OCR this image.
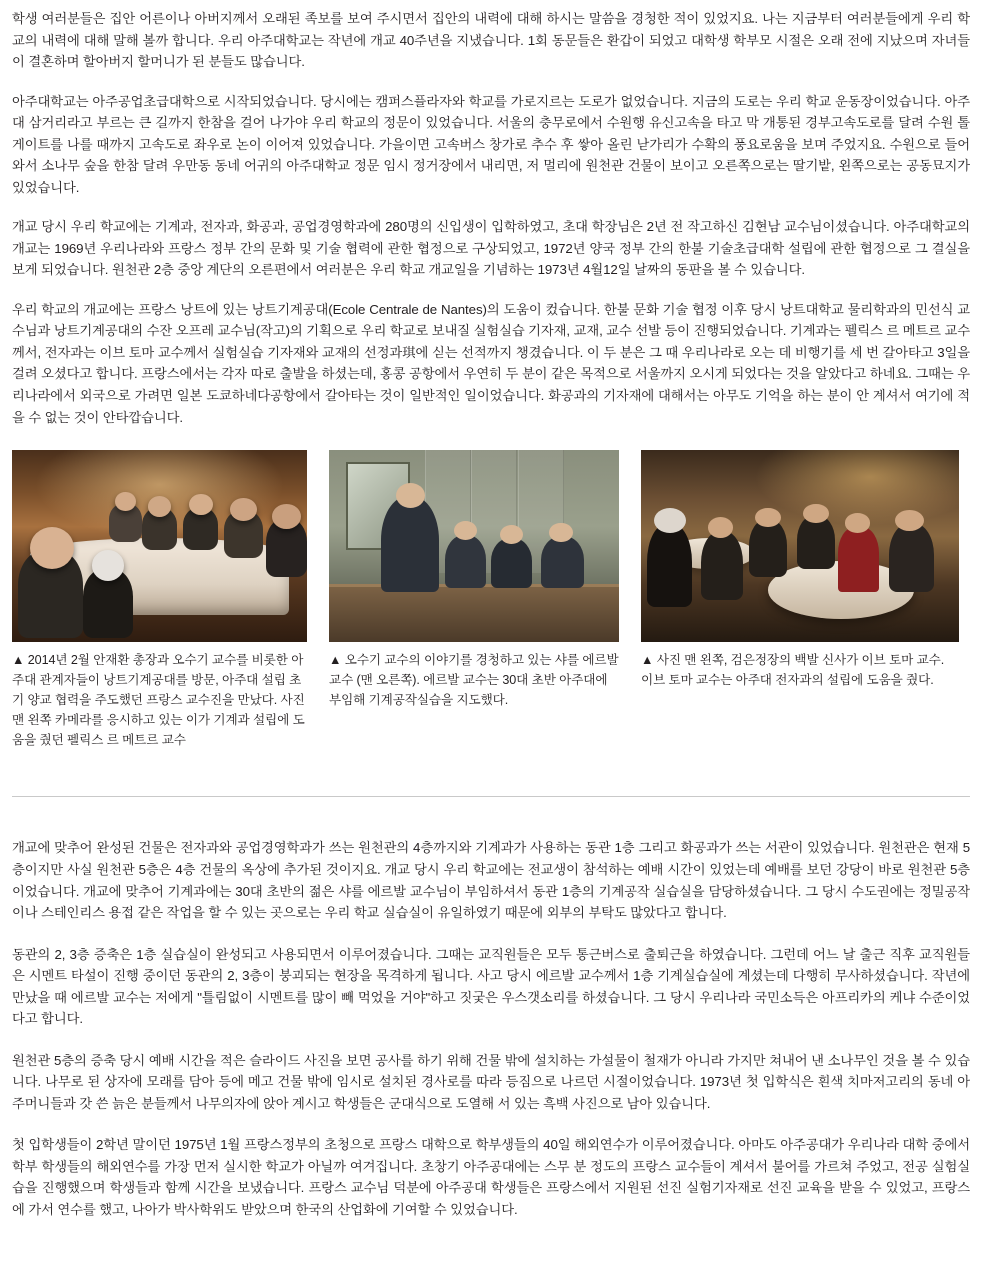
학생 여러분들은 집안 어른이나 아버지께서 오래된 족보를 보여 주시면서 집안의 내력에 대해 하시는 말씀을 경청한 적이 있었지요. 나는 지금부터 여러분들에게 우리 학교의 내력에 대해 말해 볼까 합니다. 우리 아주대학교는 작년에 개교 40주년을 지냈습니다. 1회 동문들은 환갑이 되었고 대학생 학부모 시절은 오래 전에 지났으며 자녀들이 결혼하며 할아버지 할머니가 된 분들도 많습니다.

아주대학교는 아주공업초급대학으로 시작되었습니다. 당시에는 캠퍼스플라자와 학교를 가로지르는 도로가 없었습니다. 지금의 도로는 우리 학교 운동장이었습니다. 아주대 삼거리라고 부르는 큰 길까지 한참을 걸어 나가야 우리 학교의 정문이 있었습니다. 서울의 충무로에서 수원행 유신고속을 타고 막 개통된 경부고속도로를 달려 수원 톨게이트를 나를 때까지 고속도로 좌우로 논이 이어져 있었습니다. 가을이면 고속버스 창가로 추수 후 쌓아 올린 낟가리가 수확의 풍요로움을 보며 주었지요. 수원으로 들어와서 소나무 숲을 한참 달려 우만동 동네 어귀의 아주대학교 정문 임시 정거장에서 내리면, 저 멀리에 원천관 건물이 보이고 오른쪽으로는 딸기밭, 왼쪽으로는 공동묘지가 있었습니다.

개교 당시 우리 학교에는 기계과, 전자과, 화공과, 공업경영학과에 280명의 신입생이 입학하였고, 초대 학장님은 2년 전 작고하신 김현남 교수님이셨습니다. 아주대학교의 개교는 1969년 우리나라와 프랑스 정부 간의 문화 및 기술 협력에 관한 협정으로 구상되었고, 1972년 양국 정부 간의 한불 기술초급대학 설립에 관한 협정으로 그 결실을 보게 되었습니다. 원천관 2층 중앙 계단의 오른편에서 여러분은 우리 학교 개교일을 기념하는 1973년 4월12일 날짜의 동판을 볼 수 있습니다.

우리 학교의 개교에는 프랑스 낭트에 있는 낭트기계공대(Ecole Centrale de Nantes)의 도움이 컸습니다. 한불 문화 기술 협정 이후 당시 낭트대학교 물리학과의 민선식 교수님과 낭트기계공대의 수잔 오프레 교수님(작고)의 기획으로 우리 학교로 보내질 실험실습 기자재, 교재, 교수 선발 등이 진행되었습니다. 기계과는 펠릭스 르 메트르 교수께서, 전자과는 이브 토마 교수께서 실험실습 기자재와 교재의 선정과琪에 싣는 선적까지 챙겼습니다. 이 두 분은 그 때 우리나라로 오는 데 비행기를 세 번 갈아타고 3일을 걸려 오셨다고 합니다. 프랑스에서는 각자 따로 출발을 하셨는데, 홍콩 공항에서 우연히 두 분이 같은 목적으로 서울까지 오시게 되었다는 것을 알았다고 하네요. 그때는 우리나라에서 외국으로 가려면 일본 도쿄하네다공항에서 갈아타는 것이 일반적인 일이었습니다. 화공과의 기자재에 대해서는 아무도 기억을 하는 분이 안 계셔서 여기에 적을 수 없는 것이 안타깝습니다.

▲ 2014년 2월 안재환 총장과 오수기 교수를 비롯한 아주대 관계자들이 낭트기계공대를 방문, 아주대 설립 초기 양교 협력을 주도했던 프랑스 교수진을 만났다. 사진 맨 왼쪽 카메라를 응시하고 있는 이가 기계과 설립에 도움을 줬던 펠릭스 르 메트르 교수
▲ 오수기 교수의 이야기를 경청하고 있는 샤를 에르발 교수 (맨 오른쪽). 에르발 교수는 30대 초반 아주대에 부임해 기계공작실습을 지도했다.
▲ 사진 맨 왼쪽, 검은정장의 백발 신사가 이브 토마 교수. 이브 토마 교수는 아주대 전자과의 설립에 도움을 줬다.

개교에 맞추어 완성된 건물은 전자과와 공업경영학과가 쓰는 원천관의 4층까지와 기계과가 사용하는 동관 1층 그리고 화공과가 쓰는 서관이 있었습니다. 원천관은 현재 5층이지만 사실 원천관 5층은 4층 건물의 옥상에 추가된 것이지요. 개교 당시 우리 학교에는 전교생이 참석하는 예배 시간이 있었는데 예배를 보던 강당이 바로 원천관 5층이었습니다. 개교에 맞추어 기계과에는 30대 초반의 젊은 샤를 에르발 교수님이 부임하셔서 동관 1층의 기계공작 실습실을 담당하셨습니다. 그 당시 수도권에는 정밀공작이나 스테인리스 용접 같은 작업을 할 수 있는 곳으로는 우리 학교 실습실이 유일하였기 때문에 외부의 부탁도 많았다고 합니다.

동관의 2, 3층 증축은 1층 실습실이 완성되고 사용되면서 이루어졌습니다. 그때는 교직원들은 모두 통근버스로 출퇴근을 하였습니다. 그런데 어느 날 출근 직후 교직원들은 시멘트 타설이 진행 중이던 동관의 2, 3층이 붕괴되는 현장을 목격하게 됩니다. 사고 당시 에르발 교수께서 1층 기계실습실에 계셨는데 다행히 무사하셨습니다. 작년에 만났을 때 에르발 교수는 저에게 "틀림없이 시멘트를 많이 빼 먹었을 거야"하고 짓궂은 우스갯소리를 하셨습니다. 그 당시 우리나라 국민소득은 아프리카의 케냐 수준이었다고 합니다.

원천관 5층의 증축 당시 예배 시간을 적은 슬라이드 사진을 보면 공사를 하기 위해 건물 밖에 설치하는 가설물이 철재가 아니라 가지만 쳐내어 낸 소나무인 것을 볼 수 있습니다. 나무로 된 상자에 모래를 담아 등에 메고 건물 밖에 임시로 설치된 경사로를 따라 등짐으로 나르던 시절이었습니다. 1973년 첫 입학식은 흰색 치마저고리의 동네 아주머니들과 갓 쓴 늙은 분들께서 나무의자에 앉아 계시고 학생들은 군대식으로 도열해 서 있는 흑백 사진으로 남아 있습니다.

첫 입학생들이 2학년 말이던 1975년 1월 프랑스정부의 초청으로 프랑스 대학으로 학부생들의 40일 해외연수가 이루어졌습니다. 아마도 아주공대가 우리나라 대학 중에서 학부 학생들의 해외연수를 가장 먼저 실시한 학교가 아닐까 여겨집니다. 초창기 아주공대에는 스무 분 정도의 프랑스 교수들이 계셔서 불어를 가르쳐 주었고, 전공 실험실습을 진행했으며 학생들과 함께 시간을 보냈습니다. 프랑스 교수님 덕분에 아주공대 학생들은 프랑스에서 지원된 선진 실험기자재로 선진 교육을 받을 수 있었고, 프랑스에 가서 연수를 했고, 나아가 박사학위도 받았으며 한국의 산업화에 기여할 수 있었습니다.
